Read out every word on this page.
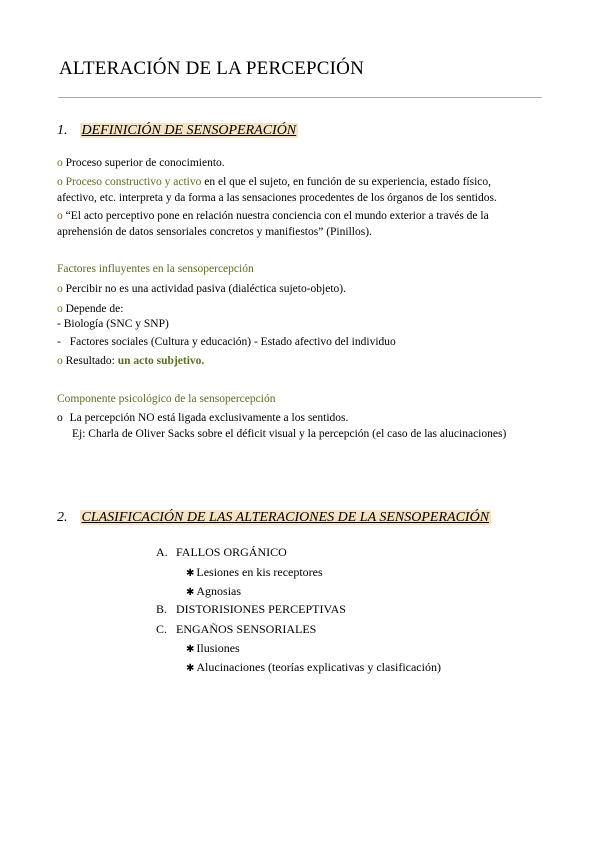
ALTERACIÓN DE LA PERCEPCIÓN
1. DEFINICIÓN DE SENSOPERACIÓN
o Proceso superior de conocimiento.
o Proceso constructivo y activo en el que el sujeto, en función de su experiencia, estado físico,
afectivo, etc. interpreta y da forma a las sensaciones procedentes de los órganos de los sentidos.
o “El acto perceptivo pone en relación nuestra conciencia con el mundo exterior a través de la
aprehensión de datos sensoriales concretos y manifiestos” (Pinillos).
Factores influyentes en la sensopercepción
o Percibir no es una actividad pasiva (dialéctica sujeto-objeto).
o Depende de:
- Biología (SNC y SNP)
- Factores sociales (Cultura y educación) - Estado afectivo del individuo
o Resultado: un acto subjetivo.
Componente psicológico de la sensopercepción
o La percepción NO está ligada exclusivamente a los sentidos.
Ej: Charla de Oliver Sacks sobre el déficit visual y la percepción (el caso de las alucinaciones)
2. CLASIFICACIÓN DE LAS ALTERACIONES DE LA SENSOPERACIÓN
A. FALLOS ORGÁNICO
✱ Lesiones en kis receptores
✱ Agnosias
B. DISTORISIONES PERCEPTIVAS
C. ENGAÑOS SENSORIALES
✱ Ilusiones
✱ Alucinaciones (teorías explicativas y clasificación)
